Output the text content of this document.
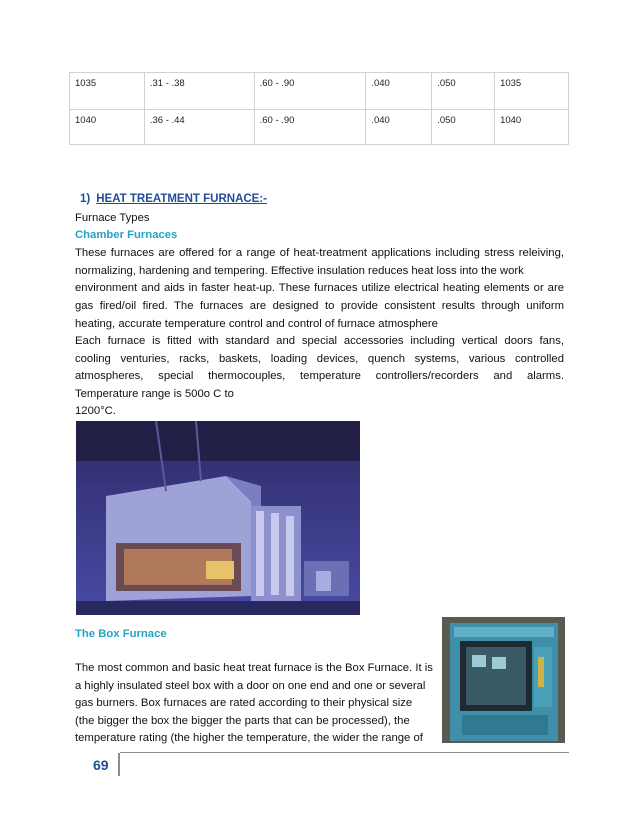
1035	.31 - .38	.60 - .90	.040	.050	1035
1040	.36 - .44	.60 - .90	.040	.050	1040
1) HEAT TREATMENT FURNACE:-
Furnace Types
Chamber Furnaces
These furnaces are offered for a range of heat-treatment applications including stress releiving,
normalizing, hardening and tempering. Effective insulation reduces heat loss into the work
environment and aids in faster heat-up. These furnaces utilize electrical heating elements or are
gas fired/oil fired. The furnaces are designed to provide consistent results through uniform
heating, accurate temperature control and control of furnace atmosphere
Each furnace is fitted with standard and special accessories including vertical doors fans,
cooling venturies, racks, baskets, loading devices, quench systems, various controlled
atmospheres, special thermocouples, temperature controllers/recorders and alarms.
Temperature range is 500o C to
1200°C.
The Box Furnace
The most common and basic heat treat furnace is the Box Furnace. It is
a highly insulated steel box with a door on one end and one or several
gas burners. Box furnaces are rated according to their physical size
(the bigger the box the bigger the parts that can be processed), the
temperature rating (the higher the temperature, the wider the range of
69
